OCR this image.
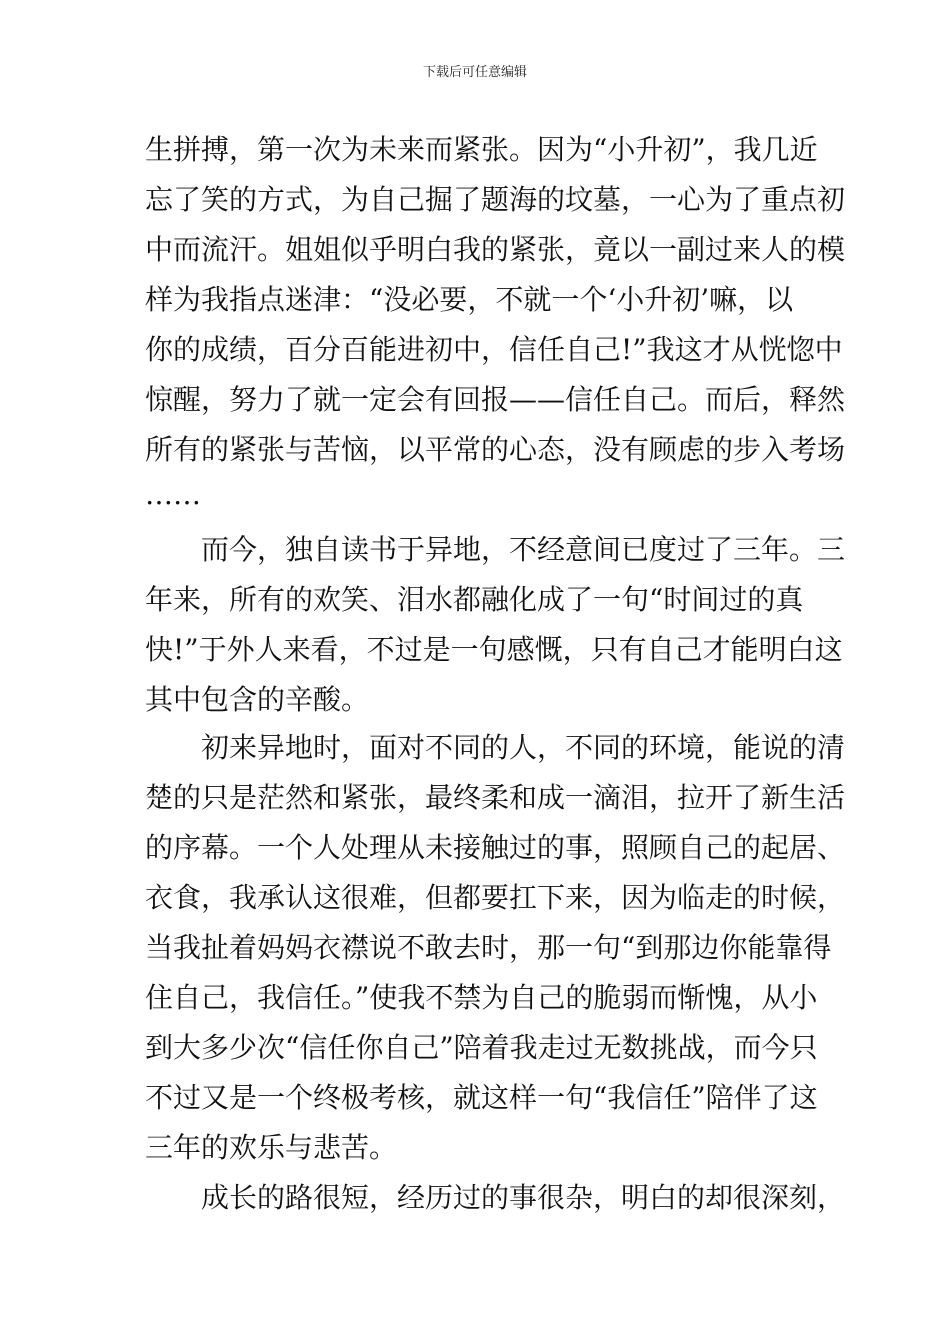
下载后可任意编辑
生拼搏，第一次为未来而紧张。因为“小升初”，我几近
忘了笑的方式，为自己掘了题海的坟墓，一心为了重点初
中而流汗。姐姐似乎明白我的紧张，竟以一副过来人的模
样为我指点迷津：“没必要，不就一个‘小升初’嘛，以
你的成绩，百分百能进初中，信任自己!”我这才从恍惚中
惊醒，努力了就一定会有回报——信任自己。而后，释然
所有的紧张与苦恼，以平常的心态，没有顾虑的步入考场
……
而今，独自读书于异地，不经意间已度过了三年。三
年来，所有的欢笑、泪水都融化成了一句“时间过的真
快!”于外人来看，不过是一句感慨，只有自己才能明白这
其中包含的辛酸。
初来异地时，面对不同的人，不同的环境，能说的清
楚的只是茫然和紧张，最终柔和成一滴泪，拉开了新生活
的序幕。一个人处理从未接触过的事，照顾自己的起居、
衣食，我承认这很难，但都要扛下来，因为临走的时候，
当我扯着妈妈衣襟说不敢去时，那一句“到那边你能靠得
住自己，我信任。”使我不禁为自己的脆弱而惭愧，从小
到大多少次“信任你自己”陪着我走过无数挑战，而今只
不过又是一个终极考核，就这样一句“我信任”陪伴了这
三年的欢乐与悲苦。
成长的路很短，经历过的事很杂，明白的却很深刻，
